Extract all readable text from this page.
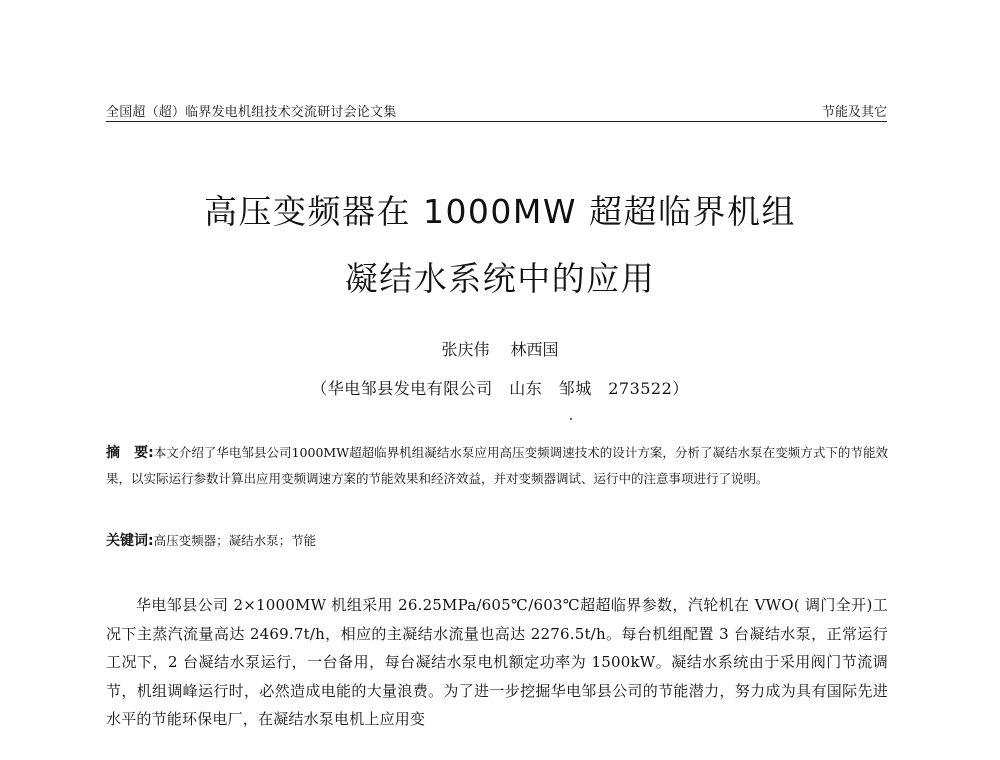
全国超（超）临界发电机组技术交流研讨会论文集	节能及其它
高压变频器在 1000MW 超超临界机组
凝结水系统中的应用
张庆伟 林西国
（华电邹县发电有限公司　山东　邹城　273522）
摘　要:本文介绍了华电邹县公司1000MW超超临界机组凝结水泵应用高压变频调速技术的设计方案，分析了凝结水泵在变频方式下的节能效果，以实际运行参数计算出应用变频调速方案的节能效果和经济效益，并对变频器调试、运行中的注意事项进行了说明。
关键词:高压变频器；凝结水泵；节能
华电邹县公司 2×1000MW 机组采用 26.25MPa/605℃/603℃超超临界参数，汽轮机在 VWO( 调门全开)工况下主蒸汽流量高达 2469.7t/h，相应的主凝结水流量也高达 2276.5t/h。每台机组配置 3 台凝结水泵，正常运行工况下，2 台凝结水泵运行，一台备用，每台凝结水泵电机额定功率为 1500kW。凝结水系统由于采用阀门节流调节，机组调峰运行时，必然造成电能的大量浪费。为了进一步挖掘华电邹县公司的节能潜力，努力成为具有国际先进水平的节能环保电厂，在凝结水泵电机上应用变
